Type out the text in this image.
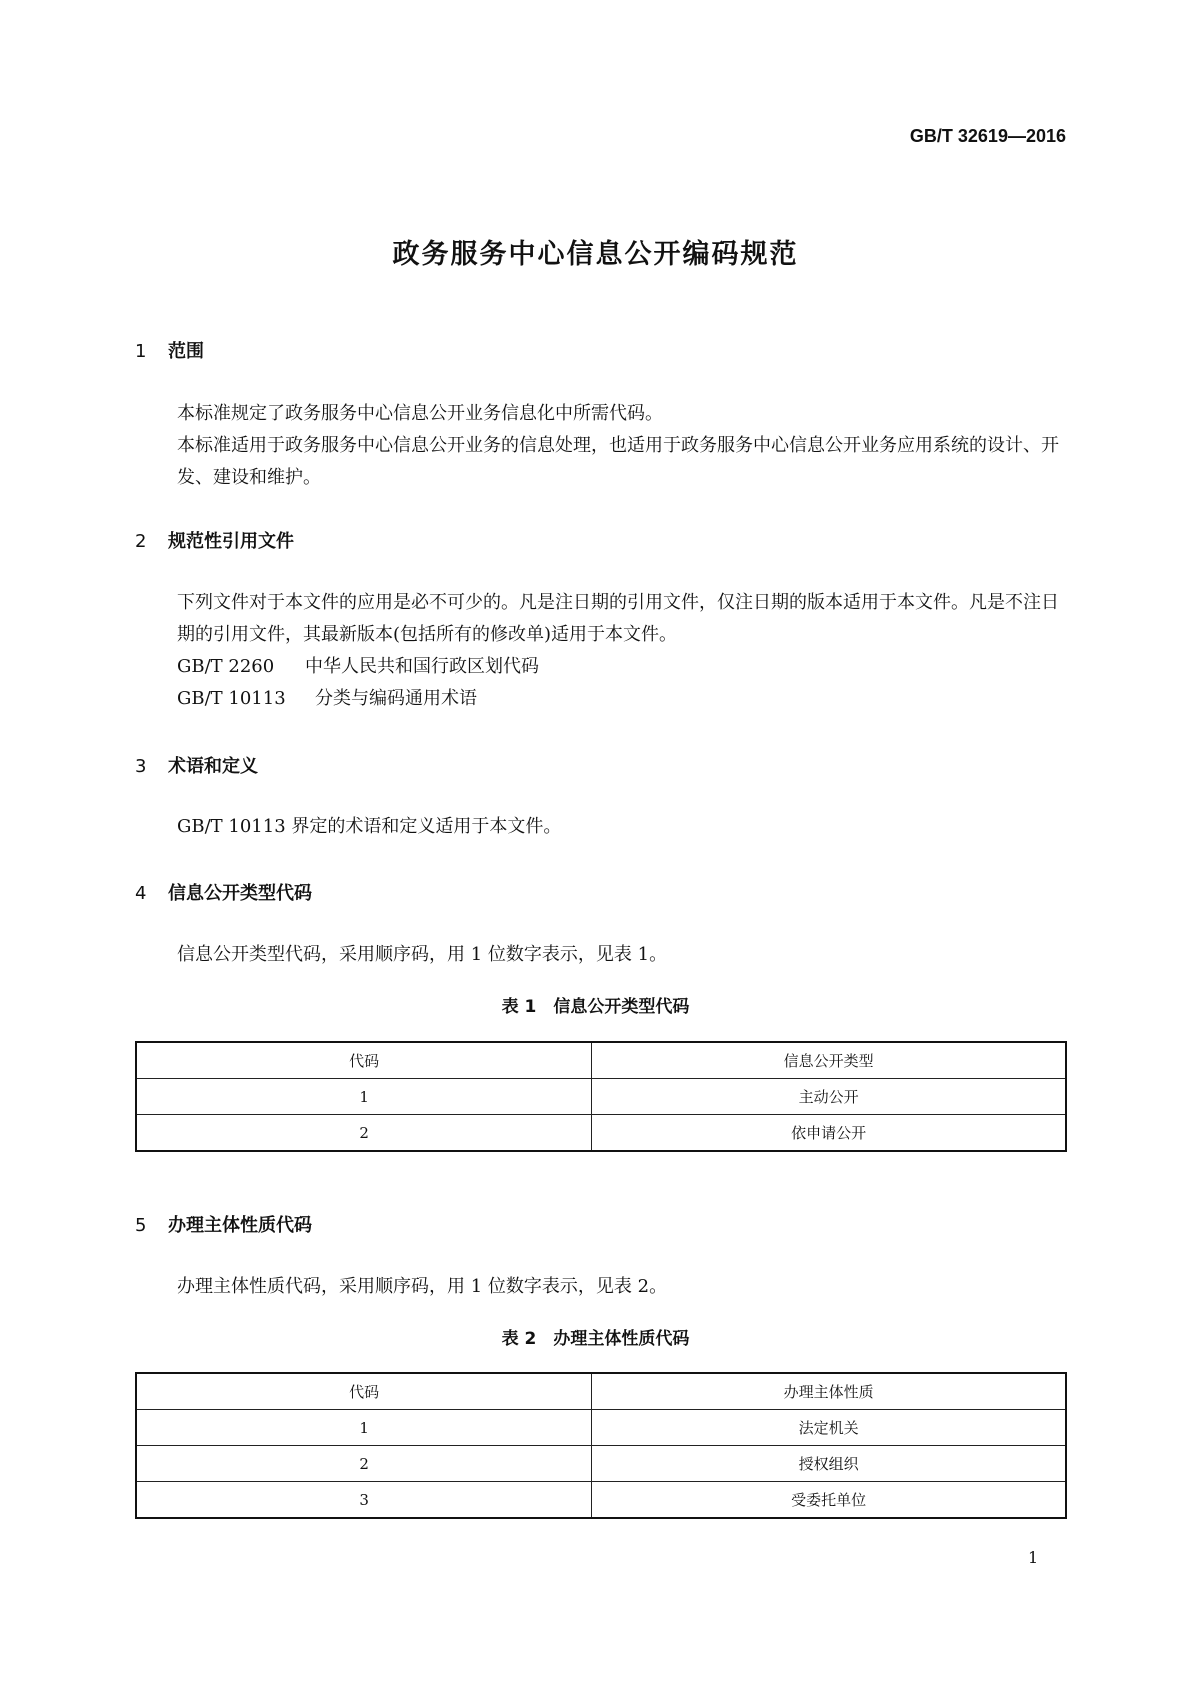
GB/T 32619—2016
政务服务中心信息公开编码规范
1 范围
本标准规定了政务服务中心信息公开业务信息化中所需代码。
本标准适用于政务服务中心信息公开业务的信息处理，也适用于政务服务中心信息公开业务应用系统的设计、开发、建设和维护。
2 规范性引用文件
下列文件对于本文件的应用是必不可少的。凡是注日期的引用文件，仅注日期的版本适用于本文件。凡是不注日期的引用文件，其最新版本(包括所有的修改单)适用于本文件。
GB/T 2260 中华人民共和国行政区划代码
GB/T 10113 分类与编码通用术语
3 术语和定义
GB/T 10113 界定的术语和定义适用于本文件。
4 信息公开类型代码
信息公开类型代码，采用顺序码，用 1 位数字表示，见表 1。
表 1　信息公开类型代码
代码	信息公开类型
1	主动公开
2	依申请公开
5 办理主体性质代码
办理主体性质代码，采用顺序码，用 1 位数字表示，见表 2。
表 2　办理主体性质代码
代码	办理主体性质
1	法定机关
2	授权组织
3	受委托单位
1
